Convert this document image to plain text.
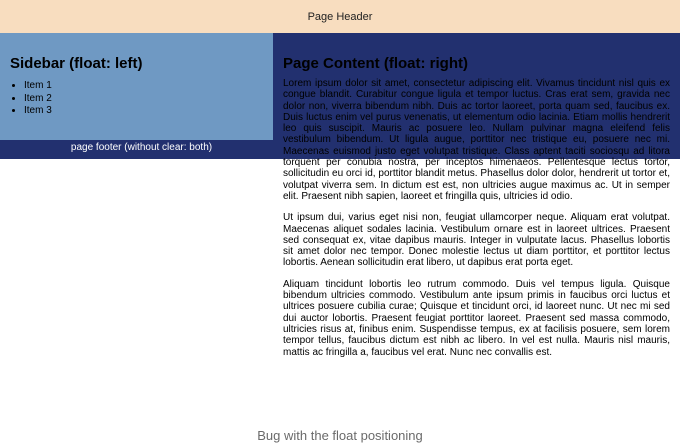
Page Header
page footer (without clear: both)
Sidebar (float: left)
• Item 1
• Item 2
• Item 3
Page Content (float: right)

Lorem ipsum dolor sit amet, consectetur adipiscing elit. Vivamus tincidunt nisl quis ex congue blandit. Curabitur congue ligula et tempor luctus. Cras erat sem, gravida nec dolor non, viverra bibendum nibh. Duis ac tortor laoreet, porta quam sed, faucibus ex. Duis luctus enim vel purus venenatis, ut elementum odio lacinia. Etiam mollis hendrerit leo quis suscipit. Mauris ac posuere leo. Nullam pulvinar magna eleifend felis vestibulum bibendum. Ut ligula augue, porttitor nec tristique eu, posuere nec mi. Maecenas euismod justo eget volutpat tristique. Class aptent taciti sociosqu ad litora torquent per conubia nostra, per inceptos himenaeos. Pellentesque lectus tortor, sollicitudin eu orci id, porttitor blandit metus. Phasellus dolor dolor, hendrerit ut tortor et, volutpat viverra sem. In dictum est est, non ultricies augue maximus ac. Ut in semper elit. Praesent nibh sapien, laoreet et fringilla quis, ultricies id odio.

Ut ipsum dui, varius eget nisi non, feugiat ullamcorper neque. Aliquam erat volutpat. Maecenas aliquet sodales lacinia. Vestibulum ornare est in laoreet ultrices. Praesent sed consequat ex, vitae dapibus mauris. Integer in vulputate lacus. Phasellus lobortis sit amet dolor nec tempor. Donec molestie lectus ut diam porttitor, et porttitor lectus lobortis. Aenean sollicitudin erat libero, ut dapibus erat porta eget.

Aliquam tincidunt lobortis leo rutrum commodo. Duis vel tempus ligula. Quisque bibendum ultricies commodo. Vestibulum ante ipsum primis in faucibus orci luctus et ultrices posuere cubilia curae; Quisque et tincidunt orci, id laoreet nunc. Ut nec mi sed dui auctor lobortis. Praesent feugiat porttitor laoreet. Praesent sed massa commodo, ultricies risus at, finibus enim. Suspendisse tempus, ex at facilisis posuere, sem lorem tempor tellus, faucibus dictum est nibh ac libero. In vel est nulla. Mauris nisl mauris, mattis ac fringilla a, faucibus vel erat. Nunc nec convallis est.

Bug with the float positioning
